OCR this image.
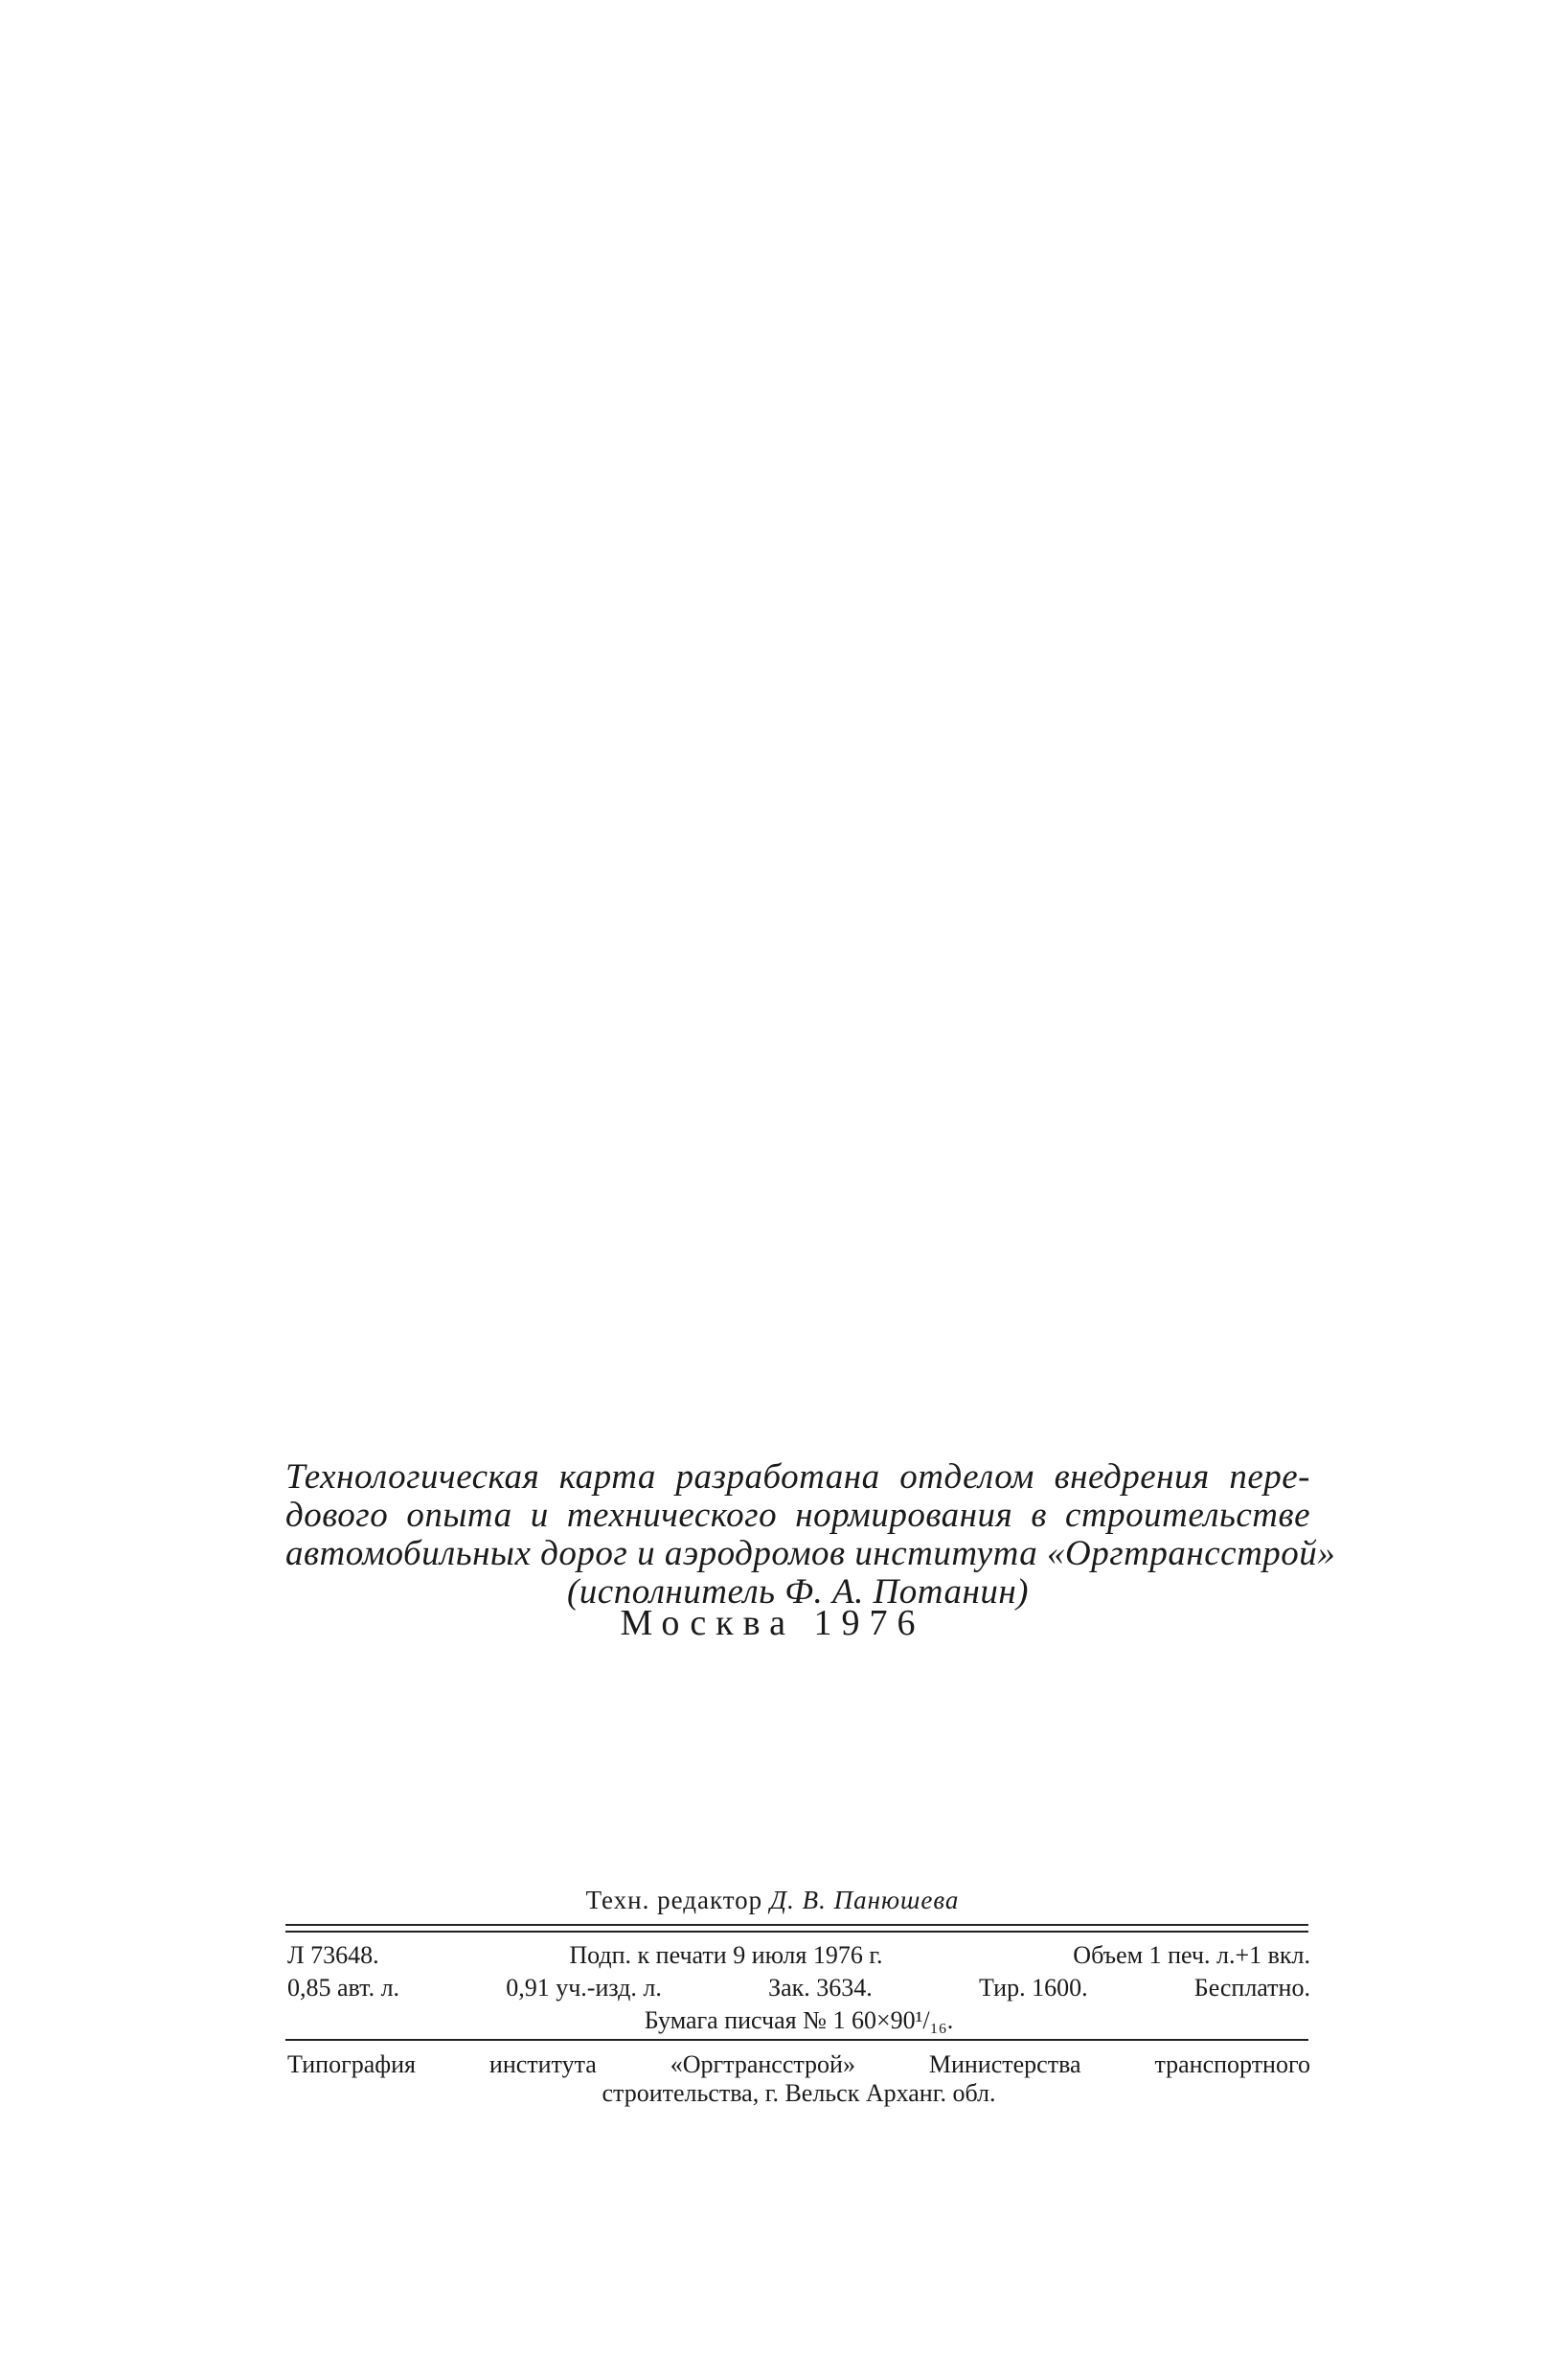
Технологическая карта разработана отделом внедрения пере-
дового опыта и технического нормирования в строительстве
автомобильных дорог и аэродромов института «Оргтрансстрой»
(исполнитель Ф. А. Потанин)
Москва 1976
Техн. редактор Д. В. Панюшева
Л 73648.	Подп. к печати 9 июля 1976 г.	Объем 1 печ. л.+1 вкл.
0,85 авт. л.	0,91 уч.-изд. л.	Зак. 3634.	Тир. 1600.	Бесплатно.
Бумага писчая № 1 60×90¹/₁₆.
Типография	института	«Оргтрансстрой»	Министерства	транспортного
строительства, г. Вельск Арханг. обл.
